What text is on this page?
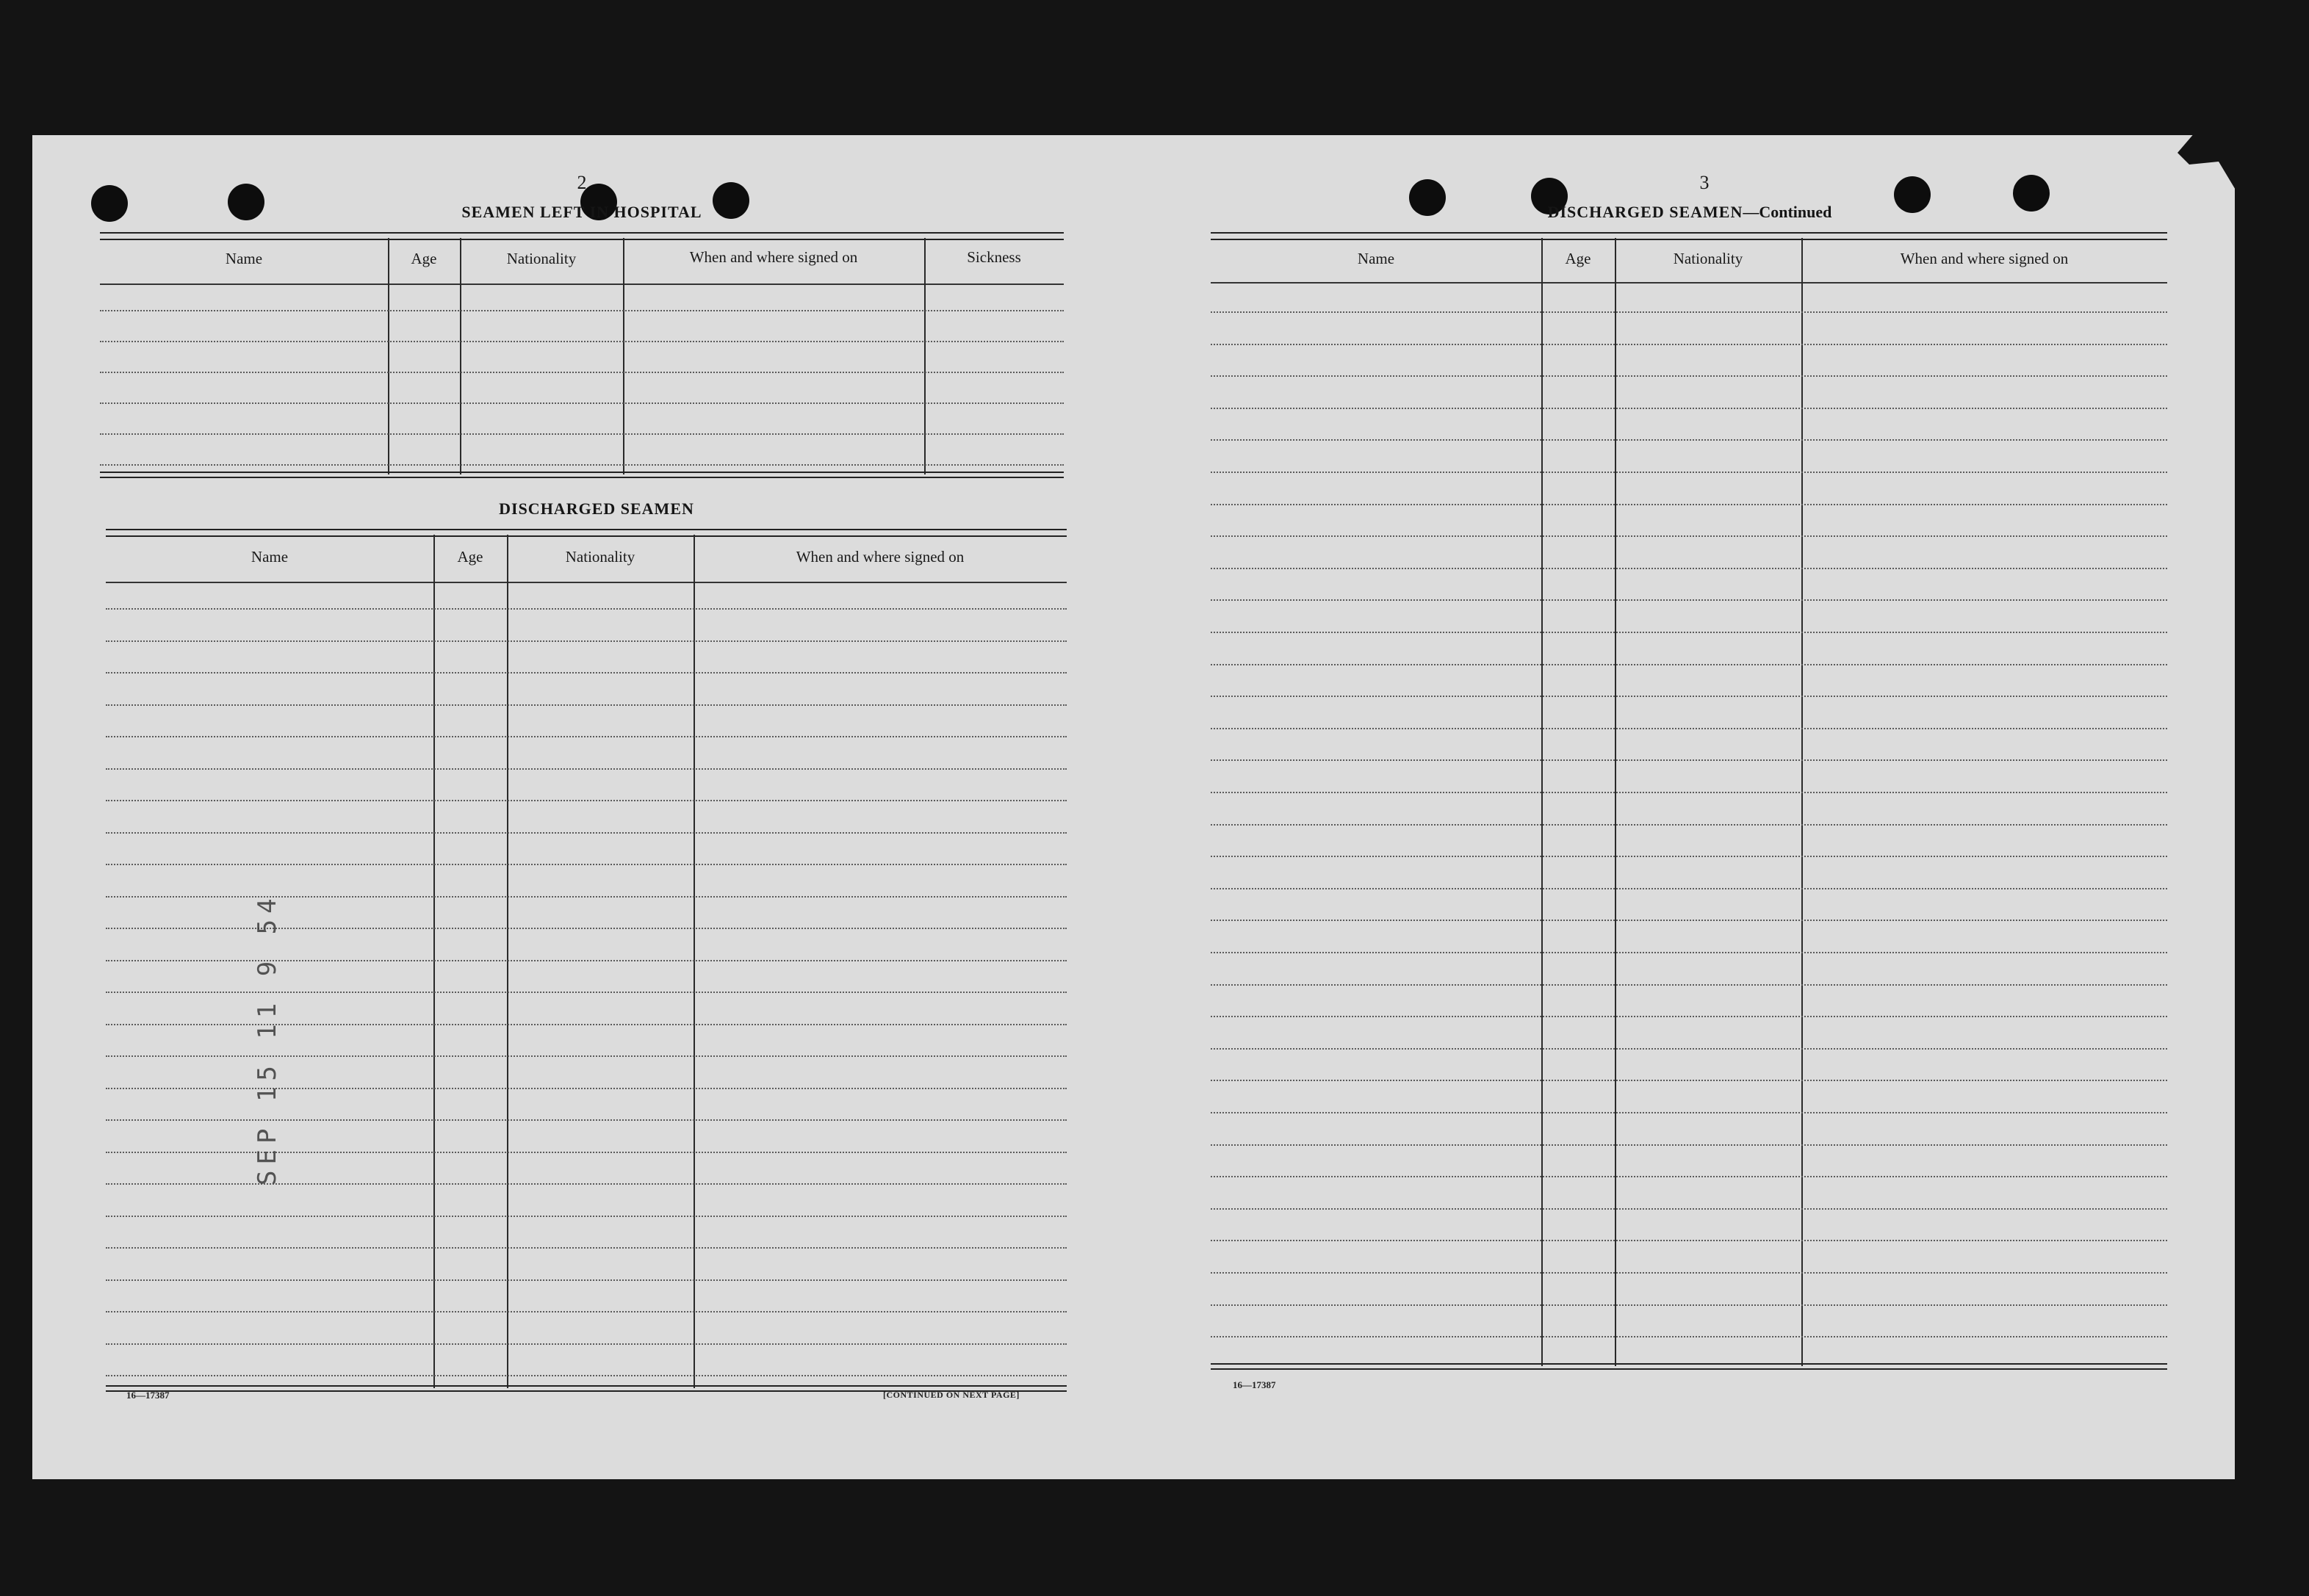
2
SEAMEN LEFT IN HOSPITAL
Name	Age	Nationality	When and where signed on	Sickness
DISCHARGED SEAMEN
Name	Age	Nationality	When and where signed on
SEP 15 11 9 54
16—17387	[CONTINUED ON NEXT PAGE]
3
DISCHARGED SEAMEN—Continued
Name	Age	Nationality	When and where signed on
16—17387
